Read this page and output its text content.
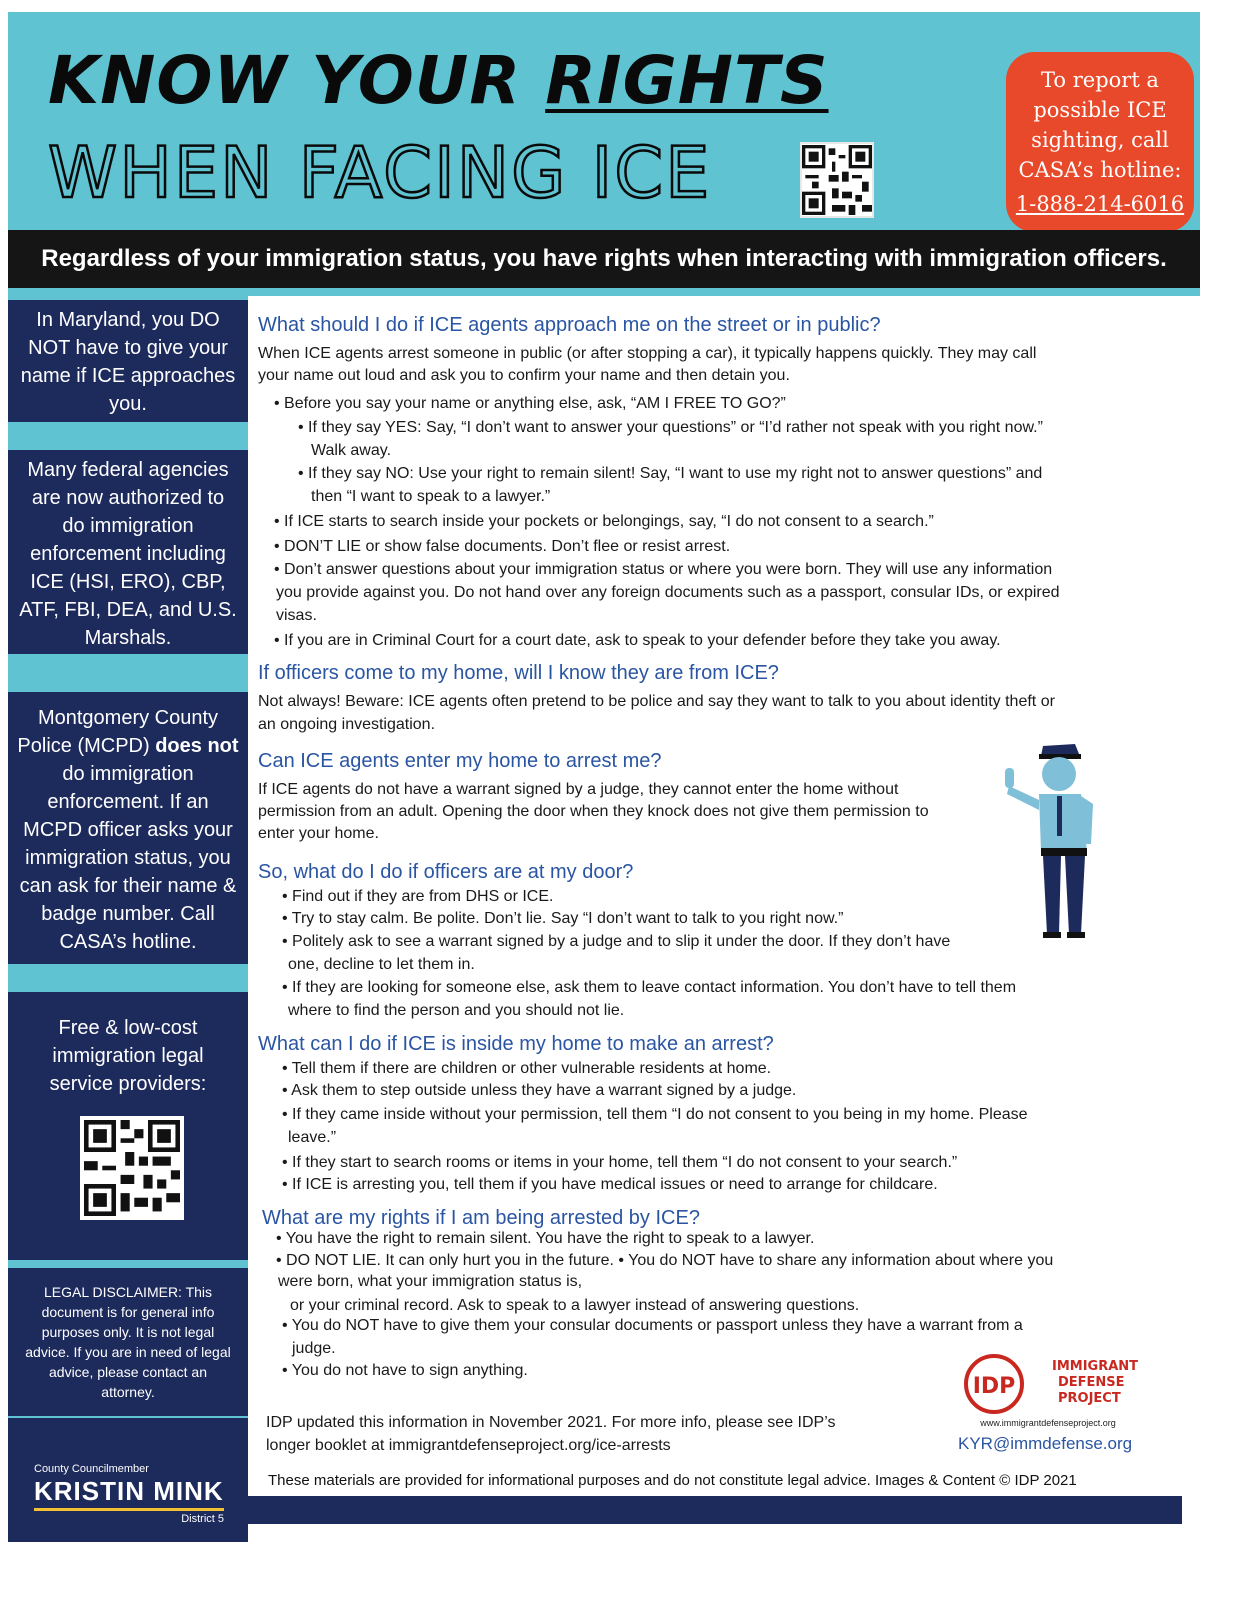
KNOW YOUR RIGHTS
WHEN FACING ICE
To report a
possible ICE
sighting, call
CASA’s hotline:
1-888-214-6016
Regardless of your immigration status, you have rights when interacting with immigration officers.

In Maryland, you DO

NOT have to give your

name if ICE approaches

you.

Many federal agencies

are now authorized to

do immigration

enforcement including

ICE (HSI, ERO), CBP,

ATF, FBI, DEA, and U.S.

Marshals.

Montgomery County

Police (MCPD) does not

do immigration

enforcement. If an

MCPD officer asks your

immigration status, you

can ask for their name &

badge number. Call

CASA’s hotline.

Free & low-cost

immigration legal

service providers:

LEGAL DISCLAIMER: This

document is for general info

purposes only. It is not legal

advice. If you are in need of legal

advice, please contact an

attorney.

County Councilmember
KRISTIN MINK
District 5
What should I do if ICE agents approach me on the street or in public?

When ICE agents arrest someone in public (or after stopping a car), it typically happens quickly. They may call

your name out loud and ask you to confirm your name and then detain you.

• Before you say your name or anything else, ask, “AM I FREE TO GO?”

• If they say YES: Say, “I don’t want to answer your questions” or “I’d rather not speak with you right now.”

Walk away.

• If they say NO: Use your right to remain silent! Say, “I want to use my right not to answer questions” and

then “I want to speak to a lawyer.”

• If ICE starts to search inside your pockets or belongings, say, “I do not consent to a search.”

• DON’T LIE or show false documents. Don’t flee or resist arrest.

• Don’t answer questions about your immigration status or where you were born. They will use any information

you provide against you. Do not hand over any foreign documents such as a passport, consular IDs, or expired

visas.

• If you are in Criminal Court for a court date, ask to speak to your defender before they take you away.

If officers come to my home, will I know they are from ICE?

Not always! Beware: ICE agents often pretend to be police and say they want to talk to you about identity theft or

an ongoing investigation.

Can ICE agents enter my home to arrest me?

If ICE agents do not have a warrant signed by a judge, they cannot enter the home without

permission from an adult. Opening the door when they knock does not give them permission to

enter your home.

So, what do I do if officers are at my door?

• Find out if they are from DHS or ICE.

• Try to stay calm. Be polite. Don’t lie. Say “I don’t want to talk to you right now.”

• Politely ask to see a warrant signed by a judge and to slip it under the door. If they don’t have

one, decline to let them in.

• If they are looking for someone else, ask them to leave contact information. You don’t have to tell them

where to find the person and you should not lie.

What can I do if ICE is inside my home to make an arrest?

• Tell them if there are children or other vulnerable residents at home.

• Ask them to step outside unless they have a warrant signed by a judge.

• If they came inside without your permission, tell them “I do not consent to you being in my home. Please

leave.”

• If they start to search rooms or items in your home, tell them “I do not consent to your search.”

• If ICE is arresting you, tell them if you have medical issues or need to arrange for childcare.

What are my rights if I am being arrested by ICE?

• You have the right to remain silent. You have the right to speak to a lawyer.

• DO NOT LIE. It can only hurt you in the future. • You do NOT have to share any information about where you

were born, what your immigration status is,

or your criminal record. Ask to speak to a lawyer instead of answering questions.

• You do NOT have to give them your consular documents or passport unless they have a warrant from a

judge.

• You do not have to sign anything.

IDP updated this information in November 2021. For more info, please see IDP’s

longer booklet at immigrantdefenseproject.org/ice-arrests

IDP
IMMIGRANT
DEFENSE
PROJECT
www.immigrantdefenseproject.org
KYR@immdefense.org
These materials are provided for informational purposes and do not constitute legal advice. Images & Content © IDP 2021
